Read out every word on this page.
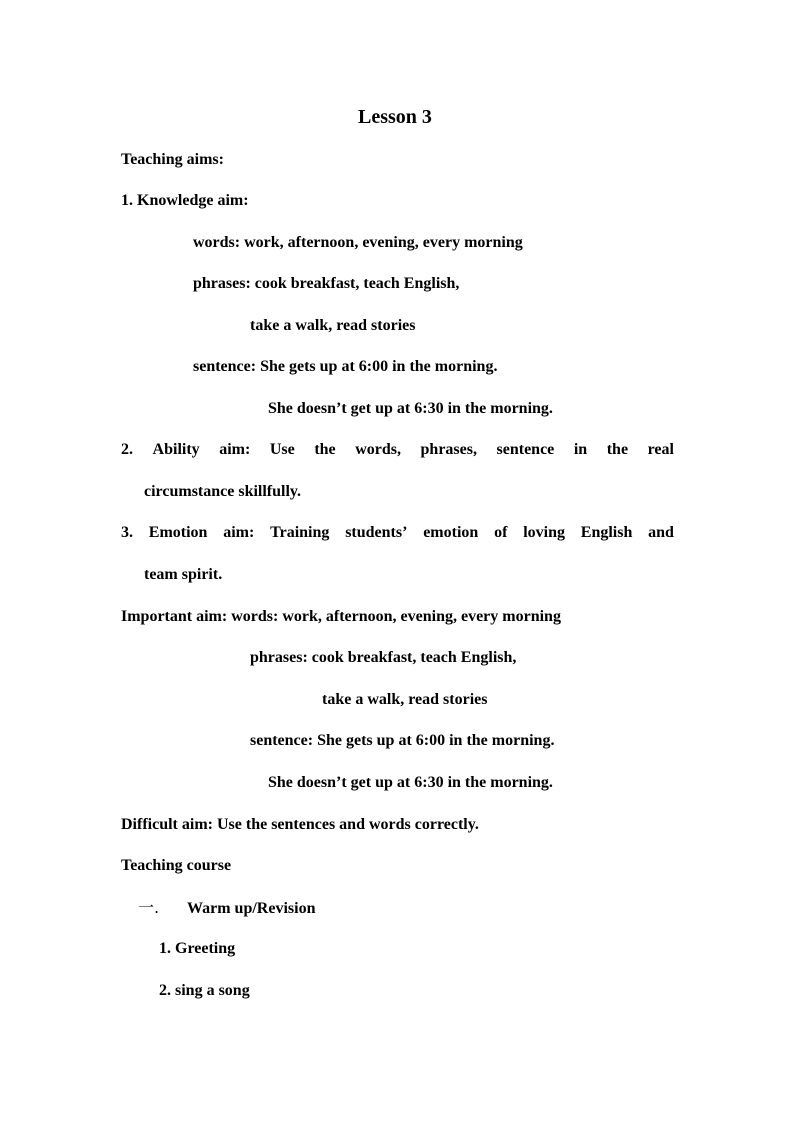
Lesson 3
Teaching aims:
1. Knowledge aim:
words: work, afternoon, evening, every morning
phrases: cook breakfast, teach English,
take a walk, read stories
sentence: She gets up at 6:00 in the morning.
She doesn’t get up at 6:30 in the morning.
2. Ability aim: Use the words, phrases, sentence in the real
circumstance skillfully.
3. Emotion aim: Training students’ emotion of loving English and
team spirit.
Important aim: words: work, afternoon, evening, every morning
phrases: cook breakfast, teach English,
take a walk, read stories
sentence: She gets up at 6:00 in the morning.
She doesn’t get up at 6:30 in the morning.
Difficult aim: Use the sentences and words correctly.
Teaching course
一. Warm up/Revision
1. Greeting
2. sing a song
